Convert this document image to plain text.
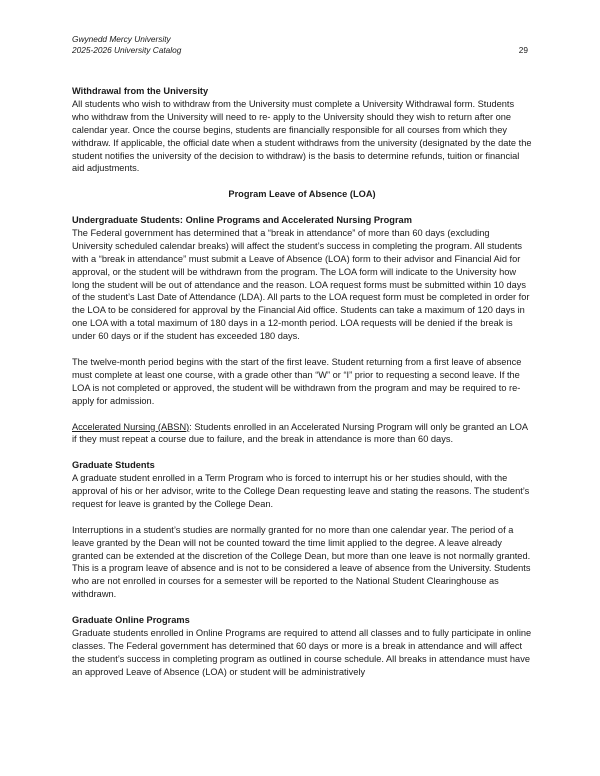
Gwynedd Mercy University
2025-2026 University Catalog	29

Withdrawal from the University

All students who wish to withdraw from the University must complete a University Withdrawal form. Students who withdraw from the University will need to re- apply to the University should they wish to return after one calendar year. Once the course begins, students are financially responsible for all courses from which they withdraw. If applicable, the official date when a student withdraws from the university (designated by the date the student notifies the university of the decision to withdraw) is the basis to determine refunds, tuition or financial aid adjustments.

Program Leave of Absence (LOA)

Undergraduate Students: Online Programs and Accelerated Nursing Program

The Federal government has determined that a “break in attendance” of more than 60 days (excluding University scheduled calendar breaks) will affect the student’s success in completing the program. All students with a “break in attendance” must submit a Leave of Absence (LOA) form to their advisor and Financial Aid for approval, or the student will be withdrawn from the program. The LOA form will indicate to the University how long the student will be out of attendance and the reason. LOA request forms must be submitted within 10 days of the student’s Last Date of Attendance (LDA). All parts to the LOA request form must be completed in order for the LOA to be considered for approval by the Financial Aid office. Students can take a maximum of 120 days in one LOA with a total maximum of 180 days in a 12-month period. LOA requests will be denied if the break is under 60 days or if the student has exceeded 180 days.

The twelve-month period begins with the start of the first leave. Student returning from a first leave of absence must complete at least one course, with a grade other than “W” or “I” prior to requesting a second leave. If the LOA is not completed or approved, the student will be withdrawn from the program and may be required to re-apply for admission.

Accelerated Nursing (ABSN): Students enrolled in an Accelerated Nursing Program will only be granted an LOA if they must repeat a course due to failure, and the break in attendance is more than 60 days.

Graduate Students

A graduate student enrolled in a Term Program who is forced to interrupt his or her studies should, with the approval of his or her advisor, write to the College Dean requesting leave and stating the reasons. The student’s request for leave is granted by the College Dean.

Interruptions in a student’s studies are normally granted for no more than one calendar year. The period of a leave granted by the Dean will not be counted toward the time limit applied to the degree. A leave already granted can be extended at the discretion of the College Dean, but more than one leave is not normally granted. This is a program leave of absence and is not to be considered a leave of absence from the University. Students who are not enrolled in courses for a semester will be reported to the National Student Clearinghouse as withdrawn.

Graduate Online Programs

Graduate students enrolled in Online Programs are required to attend all classes and to fully participate in online classes. The Federal government has determined that 60 days or more is a break in attendance and will affect the student’s success in completing program as outlined in course schedule. All breaks in attendance must have an approved Leave of Absence (LOA) or student will be administratively
